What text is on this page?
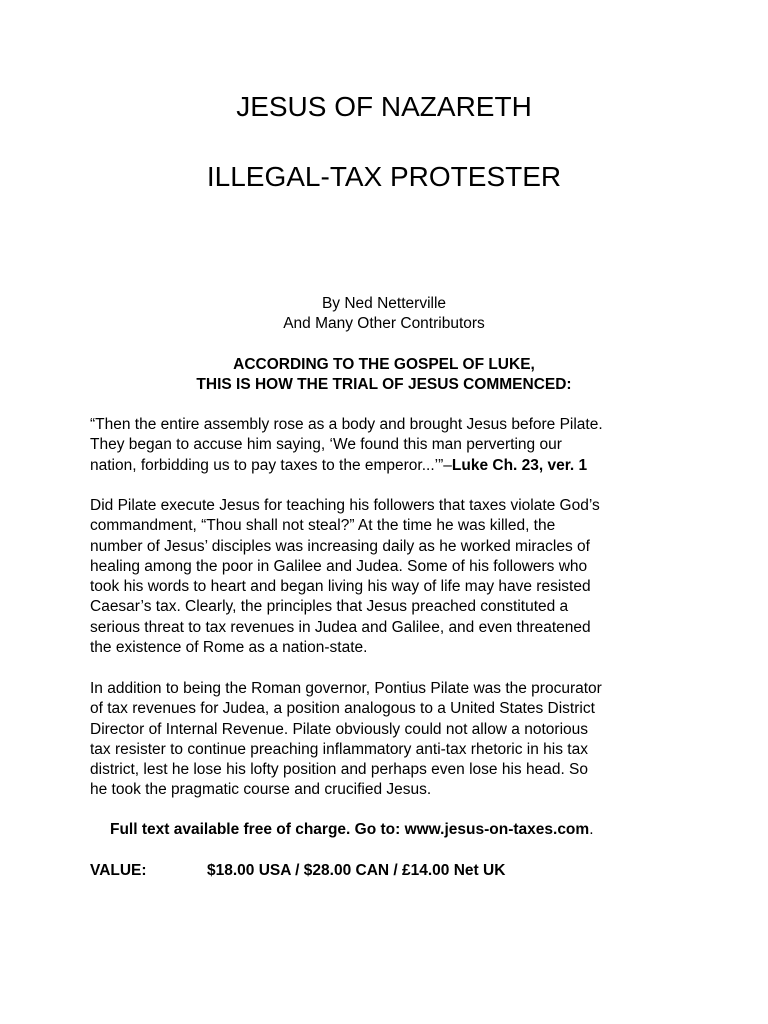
JESUS OF NAZARETH
ILLEGAL-TAX PROTESTER
By Ned Netterville
And Many Other Contributors
ACCORDING TO THE GOSPEL OF LUKE,
THIS IS HOW THE TRIAL OF JESUS COMMENCED:

“Then the entire assembly rose as a body and brought Jesus before Pilate.
They began to accuse him saying, ‘We found this man perverting our
nation, forbidding us to pay taxes to the emperor...’”–Luke Ch. 23, ver. 1

Did Pilate execute Jesus for teaching his followers that taxes violate God’s
commandment, “Thou shall not steal?” At the time he was killed, the
number of Jesus’ disciples was increasing daily as he worked miracles of
healing among the poor in Galilee and Judea. Some of his followers who
took his words to heart and began living his way of life may have resisted
Caesar’s tax. Clearly, the principles that Jesus preached constituted a
serious threat to tax revenues in Judea and Galilee, and even threatened
the existence of Rome as a nation-state.

In addition to being the Roman governor, Pontius Pilate was the procurator
of tax revenues for Judea, a position analogous to a United States District
Director of Internal Revenue. Pilate obviously could not allow a notorious
tax resister to continue preaching inflammatory anti-tax rhetoric in his tax
district, lest he lose his lofty position and perhaps even lose his head. So
he took the pragmatic course and crucified Jesus.

Full text available free of charge. Go to: www.jesus-on-taxes.com.
VALUE:	$18.00 USA / $28.00 CAN / £14.00 Net UK
